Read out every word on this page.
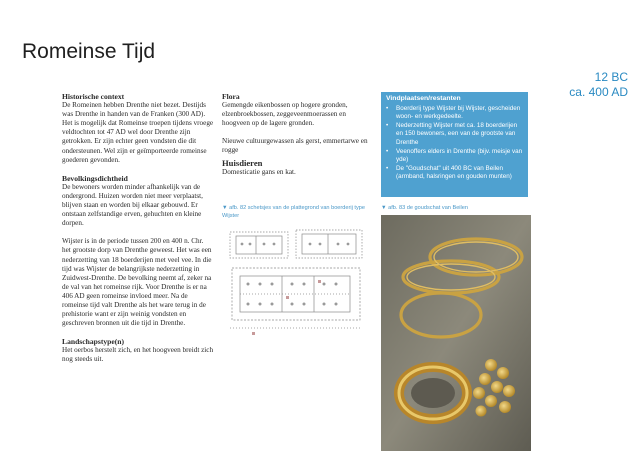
Romeinse Tijd
12 BC
ca. 400 AD
Historische context
De Romeinen hebben Drenthe niet bezet. Destijds was Drenthe in handen van de Franken (300 AD). Het is mogelijk dat Romeinse troepen tijdens vroege veldtochten tot 47 AD wel door Drenthe zijn getrokken. Er zijn echter geen vondsten die dit ondersteunen. Wel zijn er geïmporteerde romeinse goederen gevonden.
Bevolkingsdichtheid
De bewoners worden minder afhankelijk van de ondergrond. Huizen worden niet meer verplaatst, blijven staan en worden bij elkaar gebouwd. Er ontstaan zelfstandige erven, gehuchten en kleine dorpen.
Wijster is in de periode tussen 200 en 400 n. Chr. het grootste dorp van Drenthe geweest. Het was een nederzetting van 18 boerderijen met veel vee. In die tijd was Wijster de belangrijkste nederzetting in Zuidwest-Drenthe. De bevolking neemt af, zeker na de val van het romeinse rijk. Voor Drenthe is er na 406 AD geen romeinse invloed meer. Na de romeinse tijd valt Drenthe als het ware terug in de prehistorie want er zijn weinig vondsten en geschreven bronnen uit die tijd in Drenthe.
Landschapstype(n)
Het oerbos herstelt zich, en het hoogveen breidt zich nog steeds uit.
Flora
Gemengde eikenbossen op hogere gronden, elzenbroekbossen, zeggeveenmoerassen en hoogveen op de lagere gronden.
Nieuwe cultuurgewassen als gerst, emmertarwe en rogge
Huisdieren
Domesticatie gans en kat.
Vindplaatsen/restanten
• Boerderij type Wijster bij Wijster, gescheiden woon- en werkgedeelte.
• Nederzetting Wijster met ca. 18 boerderijen en 150 bewoners, een van de grootste van Drenthe
• Veenoffers elders in Drenthe (bijv. meisje van yde)
• De "Goudschat" uit 400 BC van Beilen (armband, halsringen en gouden munten)
▼ afb. 82 schetsjes van de plattegrond van boerderij type Wijster
▼ afb. 83 de goudschat van Beilen
